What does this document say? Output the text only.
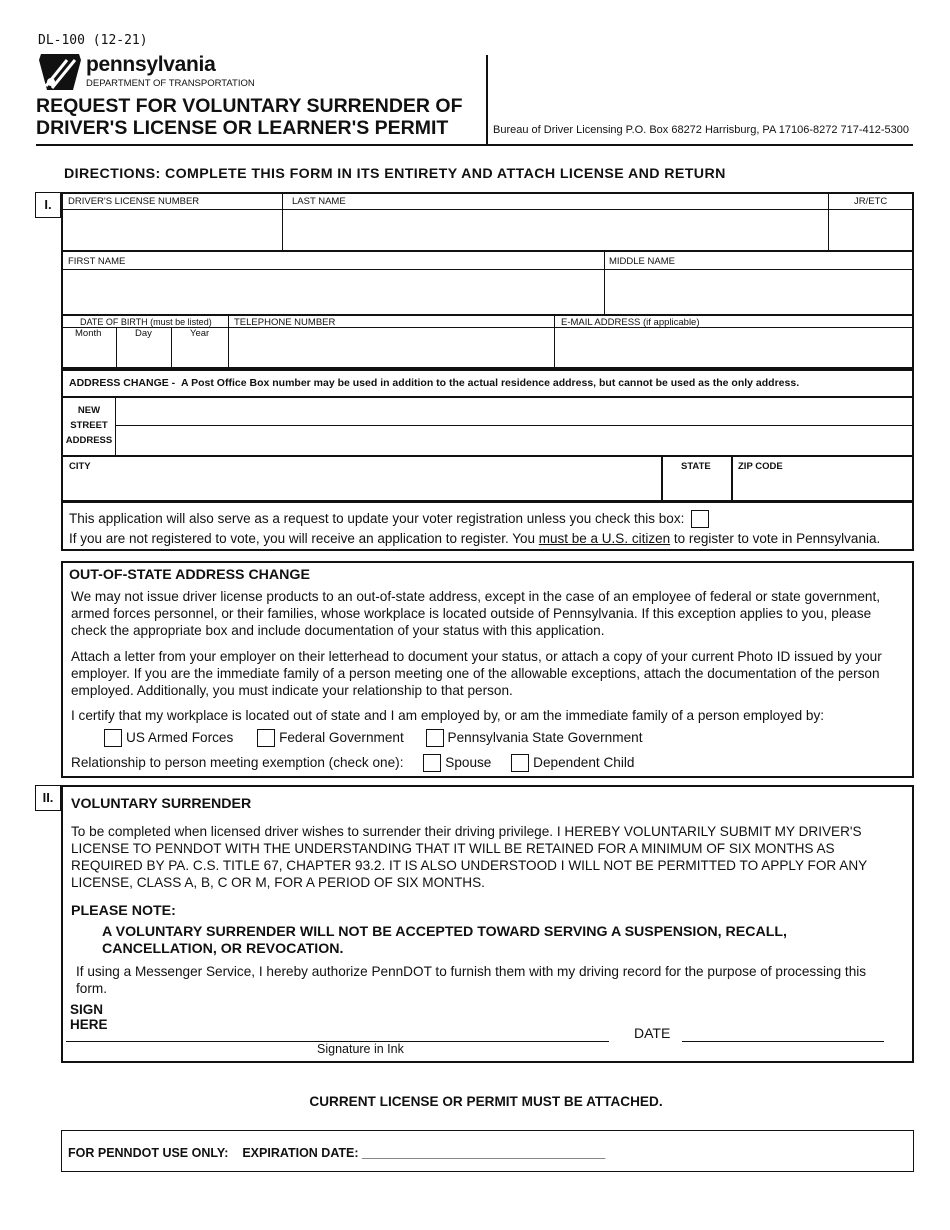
DL-100 (12-21)
pennsylvania
DEPARTMENT OF TRANSPORTATION
REQUEST FOR VOLUNTARY SURRENDER OF
DRIVER'S LICENSE OR LEARNER'S PERMIT	Bureau of Driver Licensing P.O. Box 68272 Harrisburg, PA 17106-8272 717-412-5300
DIRECTIONS: COMPLETE THIS FORM IN ITS ENTIRETY AND ATTACH LICENSE AND RETURN
I.	DRIVER'S LICENSE NUMBER	LAST NAME	JR/ETC
FIRST NAME	MIDDLE NAME
DATE OF BIRTH (must be listed)
Month	Day	Year
TELEPHONE NUMBER	E-MAIL ADDRESS (if applicable)
ADDRESS CHANGE - A Post Office Box number may be used in addition to the actual residence address, but cannot be used as the only address.
NEW
STREET
ADDRESS
CITY	STATE	ZIP CODE
This application will also serve as a request to update your voter registration unless you check this box:
If you are not registered to vote, you will receive an application to register. You must be a U.S. citizen to register to vote in Pennsylvania.
OUT-OF-STATE ADDRESS CHANGE
We may not issue driver license products to an out-of-state address, except in the case of an employee of federal or state government, armed forces personnel, or their families, whose workplace is located outside of Pennsylvania. If this exception applies to you, please check the appropriate box and include documentation of your status with this application.
Attach a letter from your employer on their letterhead to document your status, or attach a copy of your current Photo ID issued by your employer. If you are the immediate family of a person meeting one of the allowable exceptions, attach the documentation of the person employed. Additionally, you must indicate your relationship to that person.
I certify that my workplace is located out of state and I am employed by, or am the immediate family of a person employed by:
US Armed Forces	Federal Government	Pennsylvania State Government
Relationship to person meeting exemption (check one):	Spouse	Dependent Child
II.	VOLUNTARY SURRENDER
To be completed when licensed driver wishes to surrender their driving privilege. I HEREBY VOLUNTARILY SUBMIT MY DRIVER'S LICENSE TO PENNDOT WITH THE UNDERSTANDING THAT IT WILL BE RETAINED FOR A MINIMUM OF SIX MONTHS AS REQUIRED BY PA. C.S. TITLE 67, CHAPTER 93.2. IT IS ALSO UNDERSTOOD I WILL NOT BE PERMITTED TO APPLY FOR ANY LICENSE, CLASS A, B, C OR M, FOR A PERIOD OF SIX MONTHS.
PLEASE NOTE:
A VOLUNTARY SURRENDER WILL NOT BE ACCEPTED TOWARD SERVING A SUSPENSION, RECALL, CANCELLATION, OR REVOCATION.
If using a Messenger Service, I hereby authorize PennDOT to furnish them with my driving record for the purpose of processing this form.
SIGN
HERE
DATE
Signature in Ink
CURRENT LICENSE OR PERMIT MUST BE ATTACHED.
FOR PENNDOT USE ONLY: EXPIRATION DATE: ___________________________________
